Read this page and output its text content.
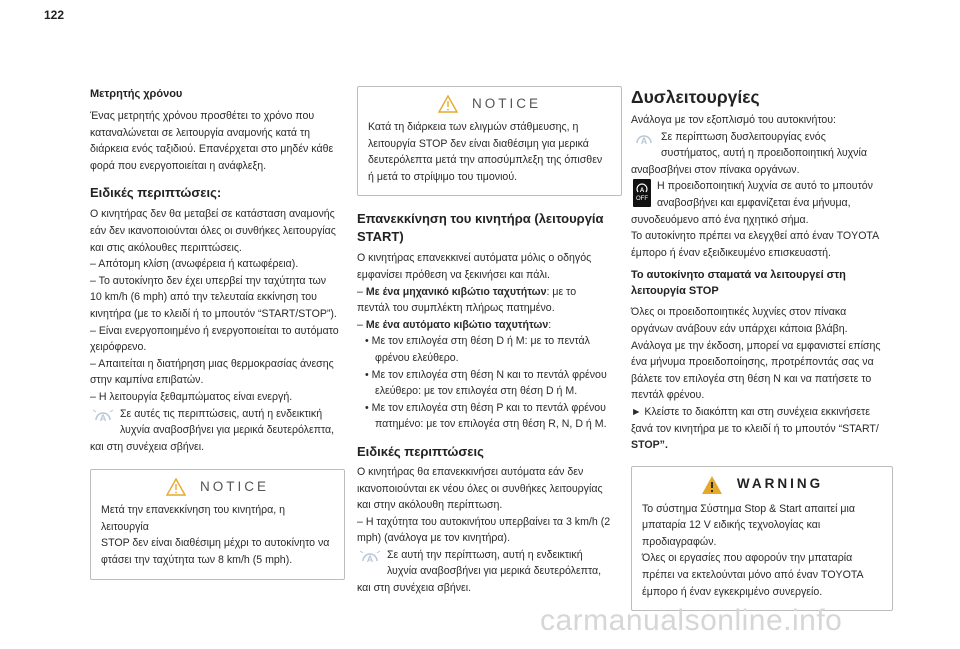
122
Μετρητής χρόνου

Ένας μετρητής χρόνου προσθέτει το χρόνο που

καταναλώνεται σε λειτουργία αναμονής κατά τη

διάρκεια ενός ταξιδιού. Επανέρχεται στο μηδέν κάθε

φορά που ενεργοποιείται η ανάφλεξη.

Ειδικές περιπτώσεις:

Ο κινητήρας δεν θα μεταβεί σε κατάσταση αναμονής

εάν δεν ικανοποιούνται όλες οι συνθήκες λειτουργίας

και στις ακόλουθες περιπτώσεις.

– Απότομη κλίση (ανωφέρεια ή κατωφέρεια).

– Το αυτοκίνητο δεν έχει υπερβεί την ταχύτητα των

10 km/h (6 mph) από την τελευταία εκκίνηση του

κινητήρα (με το κλειδί ή το μπουτόν “START/STOP”).

– Είναι ενεργοποιημένο ή ενεργοποιείται το αυτόματο

χειρόφρενο.

– Απαιτείται η διατήρηση μιας θερμοκρασίας άνεσης

στην καμπίνα επιβατών.

– Η λειτουργία ξεθαμπώματος είναι ενεργή.

A Σε αυτές τις περιπτώσεις, αυτή η ενδεικτική

λυχνία αναβοσβήνει για μερικά δευτερόλεπτα,

και στη συνέχεια σβήνει.

NOTICE

Μετά την επανεκκίνηση του κινητήρα, η λειτουργία

STOP δεν είναι διαθέσιμη μέχρι το αυτοκίνητο να

φτάσει την ταχύτητα των 8 km/h (5 mph).

NOTICE

Κατά τη διάρκεια των ελιγμών στάθμευσης, η

λειτουργία STOP δεν είναι διαθέσιμη για μερικά

δευτερόλεπτα μετά την αποσύμπλεξη της όπισθεν

ή μετά το στρίψιμο του τιμονιού.

Επανεκκίνηση του κινητήρα (λειτουργία
START)

Ο κινητήρας επανεκκινεί αυτόματα μόλις ο οδηγός

εμφανίσει πρόθεση να ξεκινήσει και πάλι.

– Με ένα μηχανικό κιβώτιο ταχυτήτων: με το

πεντάλ του συμπλέκτη πλήρως πατημένο.

– Με ένα αυτόματο κιβώτιο ταχυτήτων:

• Με τον επιλογέα στη θέση D ή M: με το πεντάλ

φρένου ελεύθερο.

• Με τον επιλογέα στη θέση N και το πεντάλ φρένου

ελεύθερο: με τον επιλογέα στη θέση D ή M.

• Με τον επιλογέα στη θέση P και το πεντάλ φρένου

πατημένο: με τον επιλογέα στη θέση R, N, D ή M.

Ειδικές περιπτώσεις

Ο κινητήρας θα επανεκκινήσει αυτόματα εάν δεν

ικανοποιούνται εκ νέου όλες οι συνθήκες λειτουργίας

και στην ακόλουθη περίπτωση.

– Η ταχύτητα του αυτοκινήτου υπερβαίνει τα 3 km/h (2

mph) (ανάλογα με τον κινητήρα).

A Σε αυτή την περίπτωση, αυτή η ενδεικτική

λυχνία αναβοσβήνει για μερικά δευτερόλεπτα,

και στη συνέχεια σβήνει.

Δυσλειτουργίες

Ανάλογα με τον εξοπλισμό του αυτοκινήτου:

A Σε περίπτωση δυσλειτουργίας ενός

συστήματος, αυτή η προειδοποιητική λυχνία

αναβοσβήνει στον πίνακα οργάνων.

A
OFF

Η προειδοποιητική λυχνία σε αυτό το μπουτόν

αναβοσβήνει και εμφανίζεται ένα μήνυμα,

συνοδευόμενο από ένα ηχητικό σήμα.

Το αυτοκίνητο πρέπει να ελεγχθεί από έναν TOYOTA

έμπορο ή έναν εξειδικευμένο επισκευαστή.

Το αυτοκίνητο σταματά να λειτουργεί στη
λειτουργία STOP

Όλες οι προειδοποιητικές λυχνίες στον πίνακα

οργάνων ανάβουν εάν υπάρχει κάποια βλάβη.

Ανάλογα με την έκδοση, μπορεί να εμφανιστεί επίσης

ένα μήνυμα προειδοποίησης, προτρέποντάς σας να

βάλετε τον επιλογέα στη θέση N και να πατήσετε το

πεντάλ φρένου.

► Κλείστε το διακόπτη και στη συνέχεια εκκινήσετε

ξανά τον κινητήρα με το κλειδί ή το μπουτόν “START/

STOP”.

WARNING

Το σύστημα Σύστημα Stop & Start απαιτεί μια

μπαταρία 12 V ειδικής τεχνολογίας και

προδιαγραφών.

Όλες οι εργασίες που αφορούν την μπαταρία

πρέπει να εκτελούνται μόνο από έναν TOYOTA

έμπορο ή έναν εγκεκριμένο συνεργείο.

carmanualsonline.info
